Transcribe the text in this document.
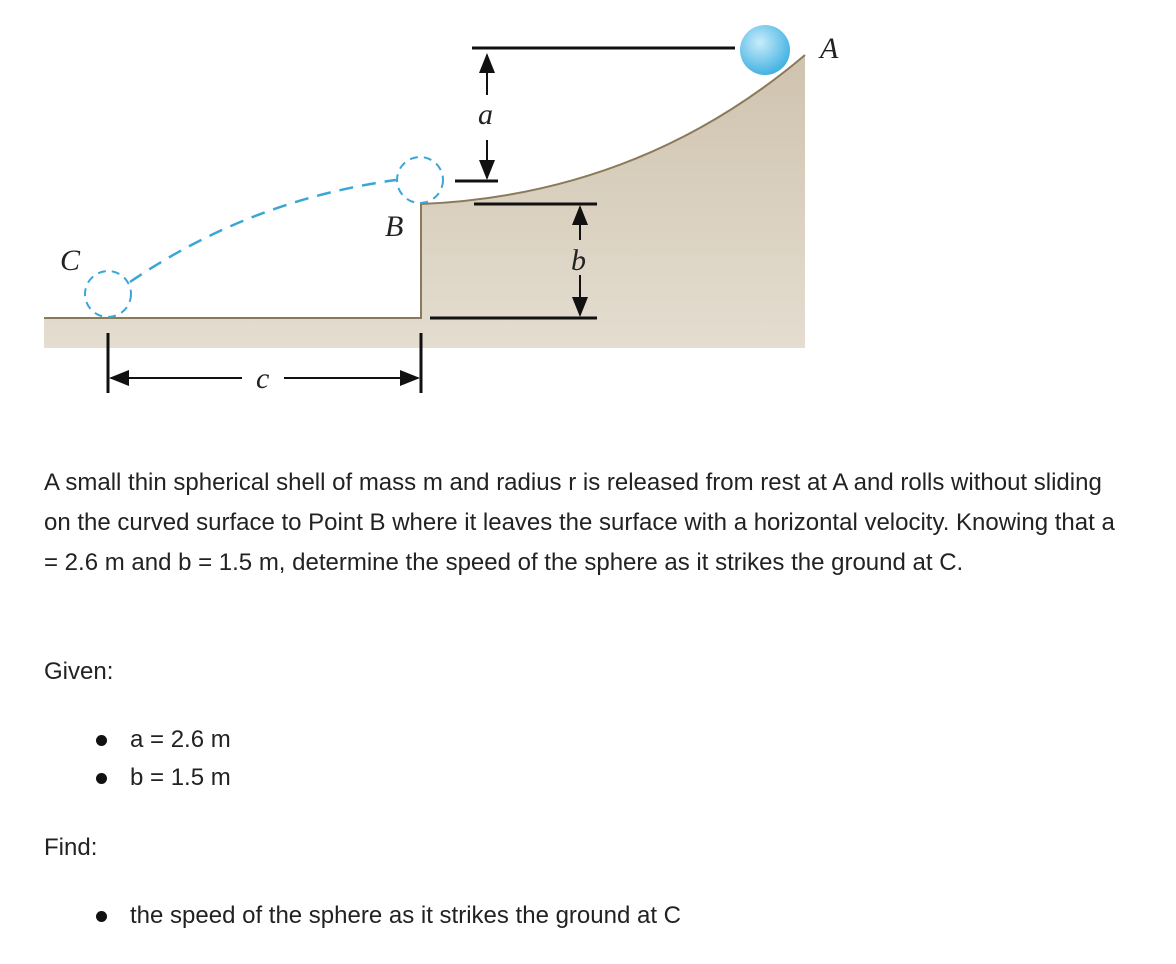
A
B
C
a
b
c

A small thin spherical shell of mass m and radius r is released from rest at A and rolls without sliding on the curved surface to Point B where it leaves the surface with a horizontal velocity. Knowing that a = 2.6 m and b = 1.5 m, determine the speed of the sphere as it strikes the ground at C.

Given:

a = 2.6 m
b = 1.5 m

Find:

the speed of the sphere as it strikes the ground at C
